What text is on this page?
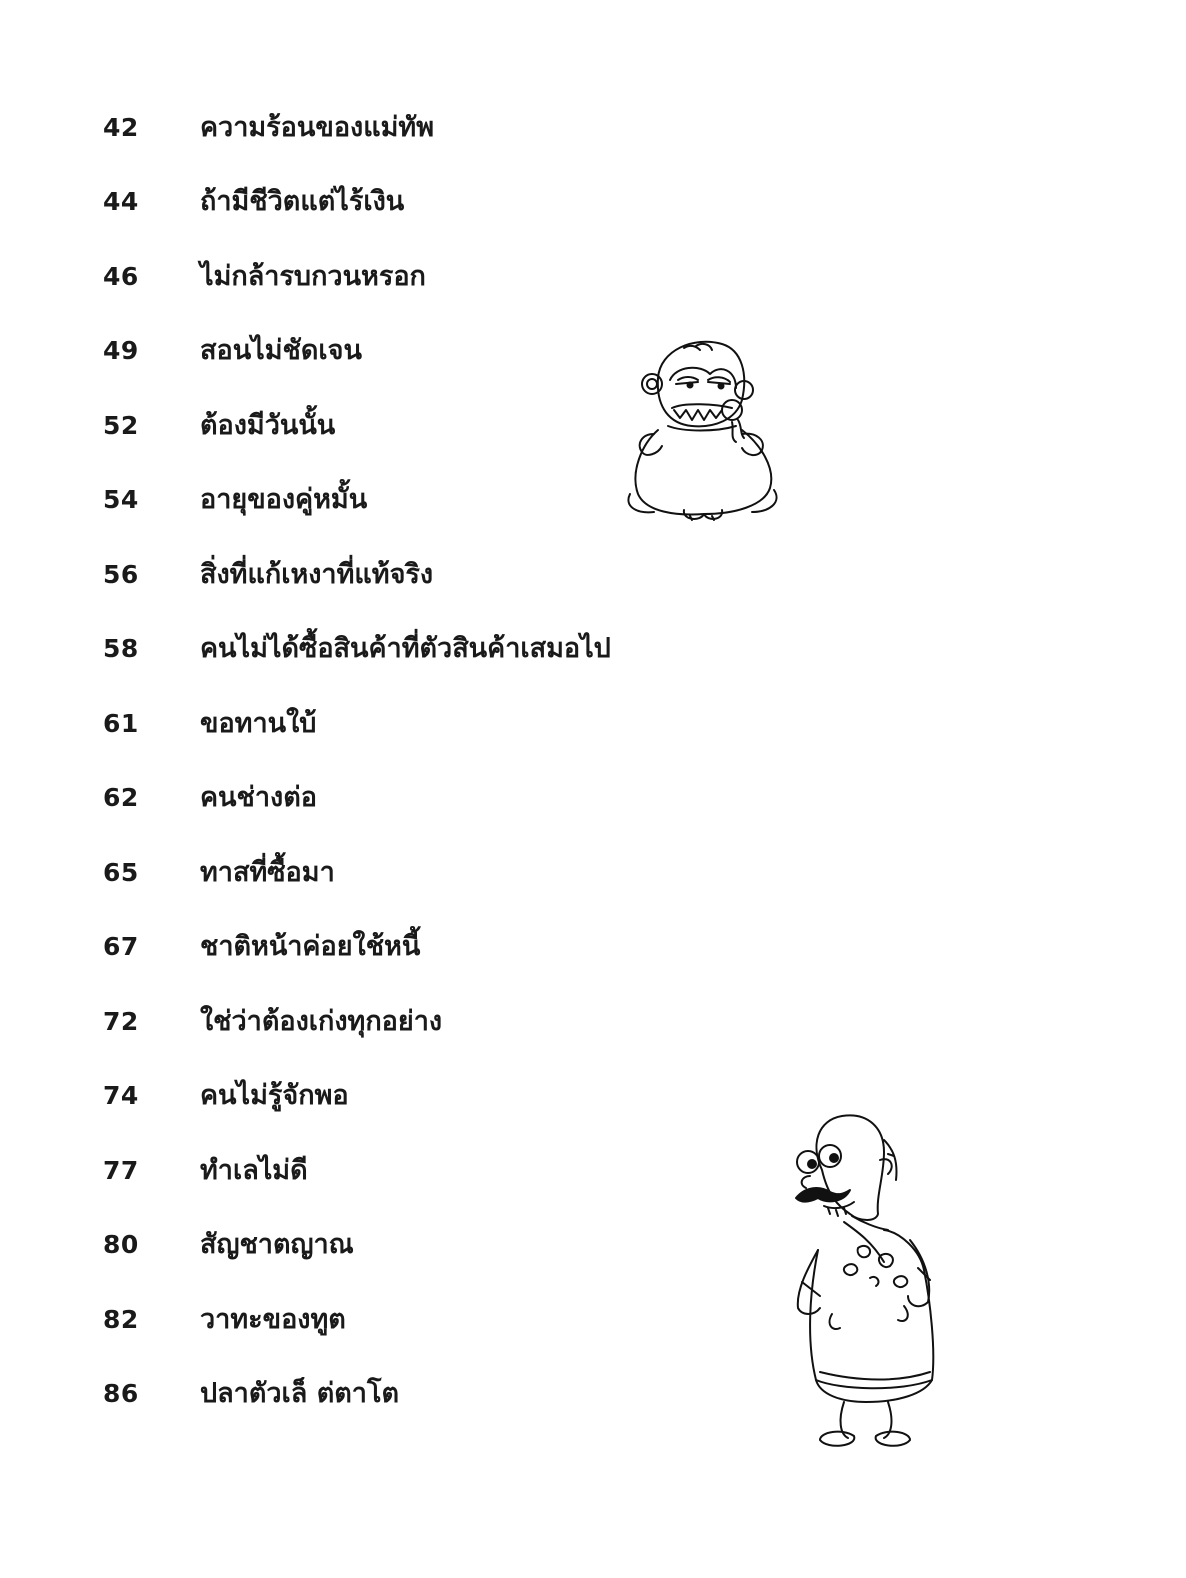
42 ความร้อนของแม่ทัพ
44 ถ้ามีชีวิตแต่ไร้เงิน
46 ไม่กล้ารบกวนหรอก
49 สอนไม่ชัดเจน
52 ต้องมีวันนั้น
54 อายุของคู่หมั้น
56 สิ่งที่แก้เหงาที่แท้จริง
58 คนไม่ได้ซื้อสินค้าที่ตัวสินค้าเสมอไป
61 ขอทานใบ้
62 คนช่างต่อ
65 ทาสที่ซื้อมา
67 ชาติหน้าค่อยใช้หนี้
72 ใช่ว่าต้องเก่งทุกอย่าง
74 คนไม่รู้จักพอ
77 ทำเลไม่ดี
80 สัญชาตญาณ
82 วาทะของทูต
86 ปลาตัวเล็ ต่ตาโต
